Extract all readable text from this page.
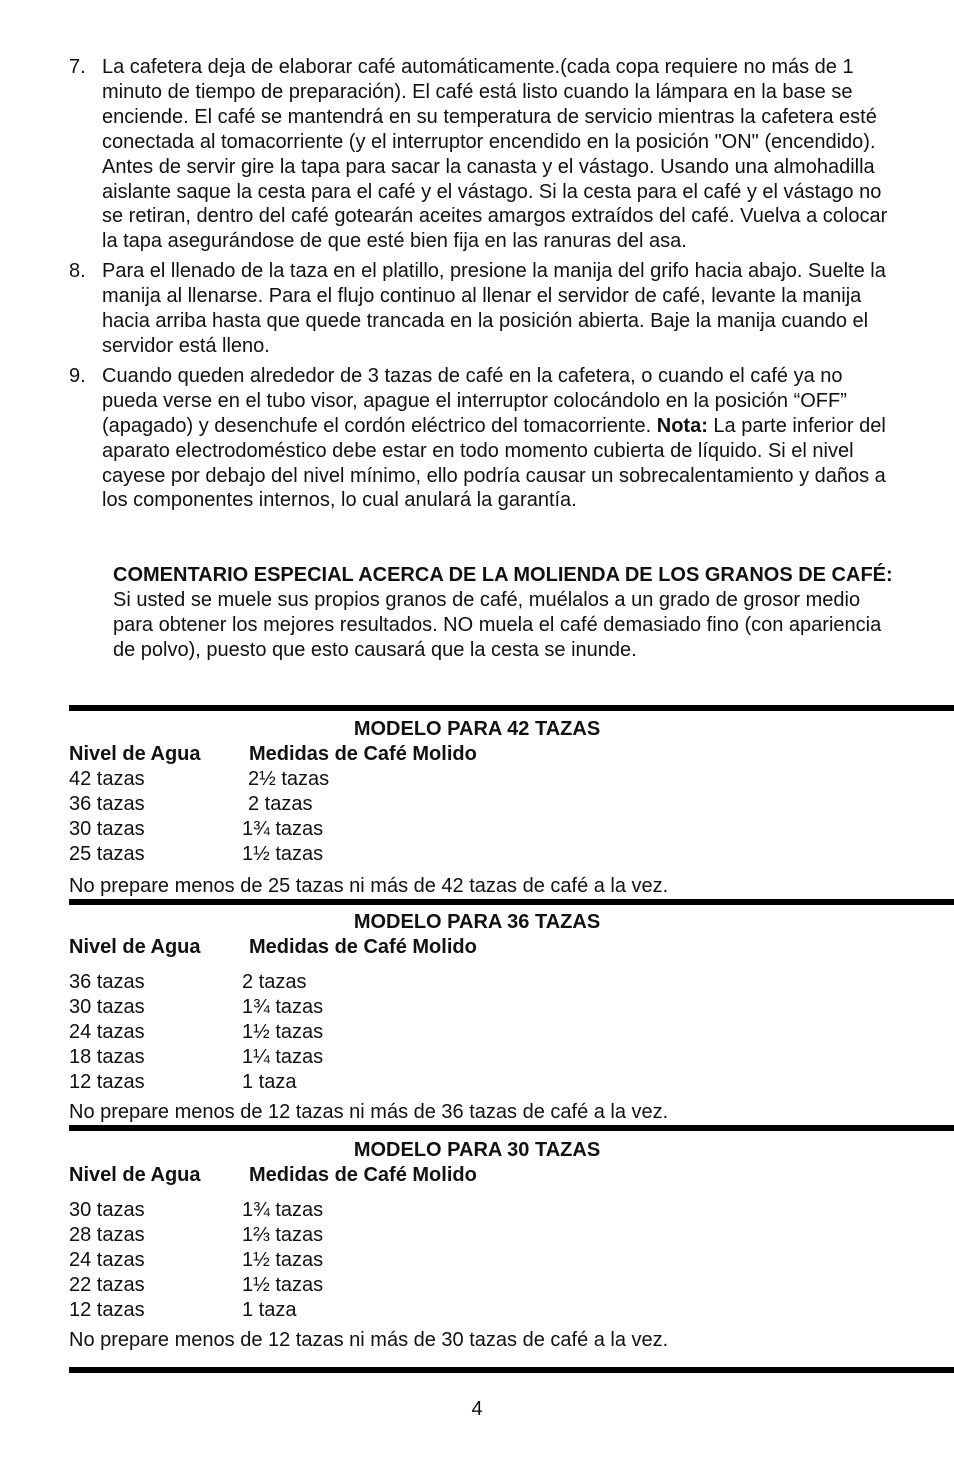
7. La cafetera deja de elaborar café automáticamente.(cada copa requiere no más de 1 minuto de tiempo de preparación). El café está listo cuando la lámpara en la base se enciende. El café se mantendrá en su temperatura de servicio mientras la cafetera esté conectada al tomacorriente (y el interruptor encendido en la posición "ON" (encendido). Antes de servir gire la tapa para sacar la canasta y el vástago. Usando una almohadilla aislante saque la cesta para el café y el vástago. Si la cesta para el café y el vástago no se retiran, dentro del café gotearán aceites amargos extraídos del café. Vuelva a colocar la tapa asegurándose de que esté bien fija en las ranuras del asa.
8. Para el llenado de la taza en el platillo, presione la manija del grifo hacia abajo. Suelte la manija al llenarse. Para el flujo continuo al llenar el servidor de café, levante la manija hacia arriba hasta que quede trancada en la posición abierta. Baje la manija cuando el servidor está lleno.
9. Cuando queden alrededor de 3 tazas de café en la cafetera, o cuando el café ya no pueda verse en el tubo visor, apague el interruptor colocándolo en la posición “OFF” (apagado) y desenchufe el cordón eléctrico del tomacorriente. Nota: La parte inferior del aparato electrodoméstico debe estar en todo momento cubierta de líquido. Si el nivel cayese por debajo del nivel mínimo, ello podría causar un sobrecalentamiento y daños a los componentes internos, lo cual anulará la garantía.
COMENTARIO ESPECIAL ACERCA DE LA MOLIENDA DE LOS GRANOS DE CAFÉ: Si usted se muele sus propios granos de café, muélalos a un grado de grosor medio para obtener los mejores resultados. NO muela el café demasiado fino (con apariencia de polvo), puesto que esto causará que la cesta se inunde.
MODELO PARA 42 TAZAS
Nivel de Agua Medidas de Café Molido
42 tazas	2½ tazas
36 tazas	2 tazas
30 tazas	1¾ tazas
25 tazas	1½ tazas
No prepare menos de 25 tazas ni más de 42 tazas de café a la vez.
MODELO PARA 36 TAZAS
Nivel de Agua Medidas de Café Molido
36 tazas	2 tazas
30 tazas	1¾ tazas
24 tazas	1½ tazas
18 tazas	1¼ tazas
12 tazas	1 taza
No prepare menos de 12 tazas ni más de 36 tazas de café a la vez.
MODELO PARA 30 TAZAS
Nivel de Agua Medidas de Café Molido
30 tazas	1¾ tazas
28 tazas	1⅔ tazas
24 tazas	1½ tazas
22 tazas	1½ tazas
12 tazas	1 taza
No prepare menos de 12 tazas ni más de 30 tazas de café a la vez.
4
